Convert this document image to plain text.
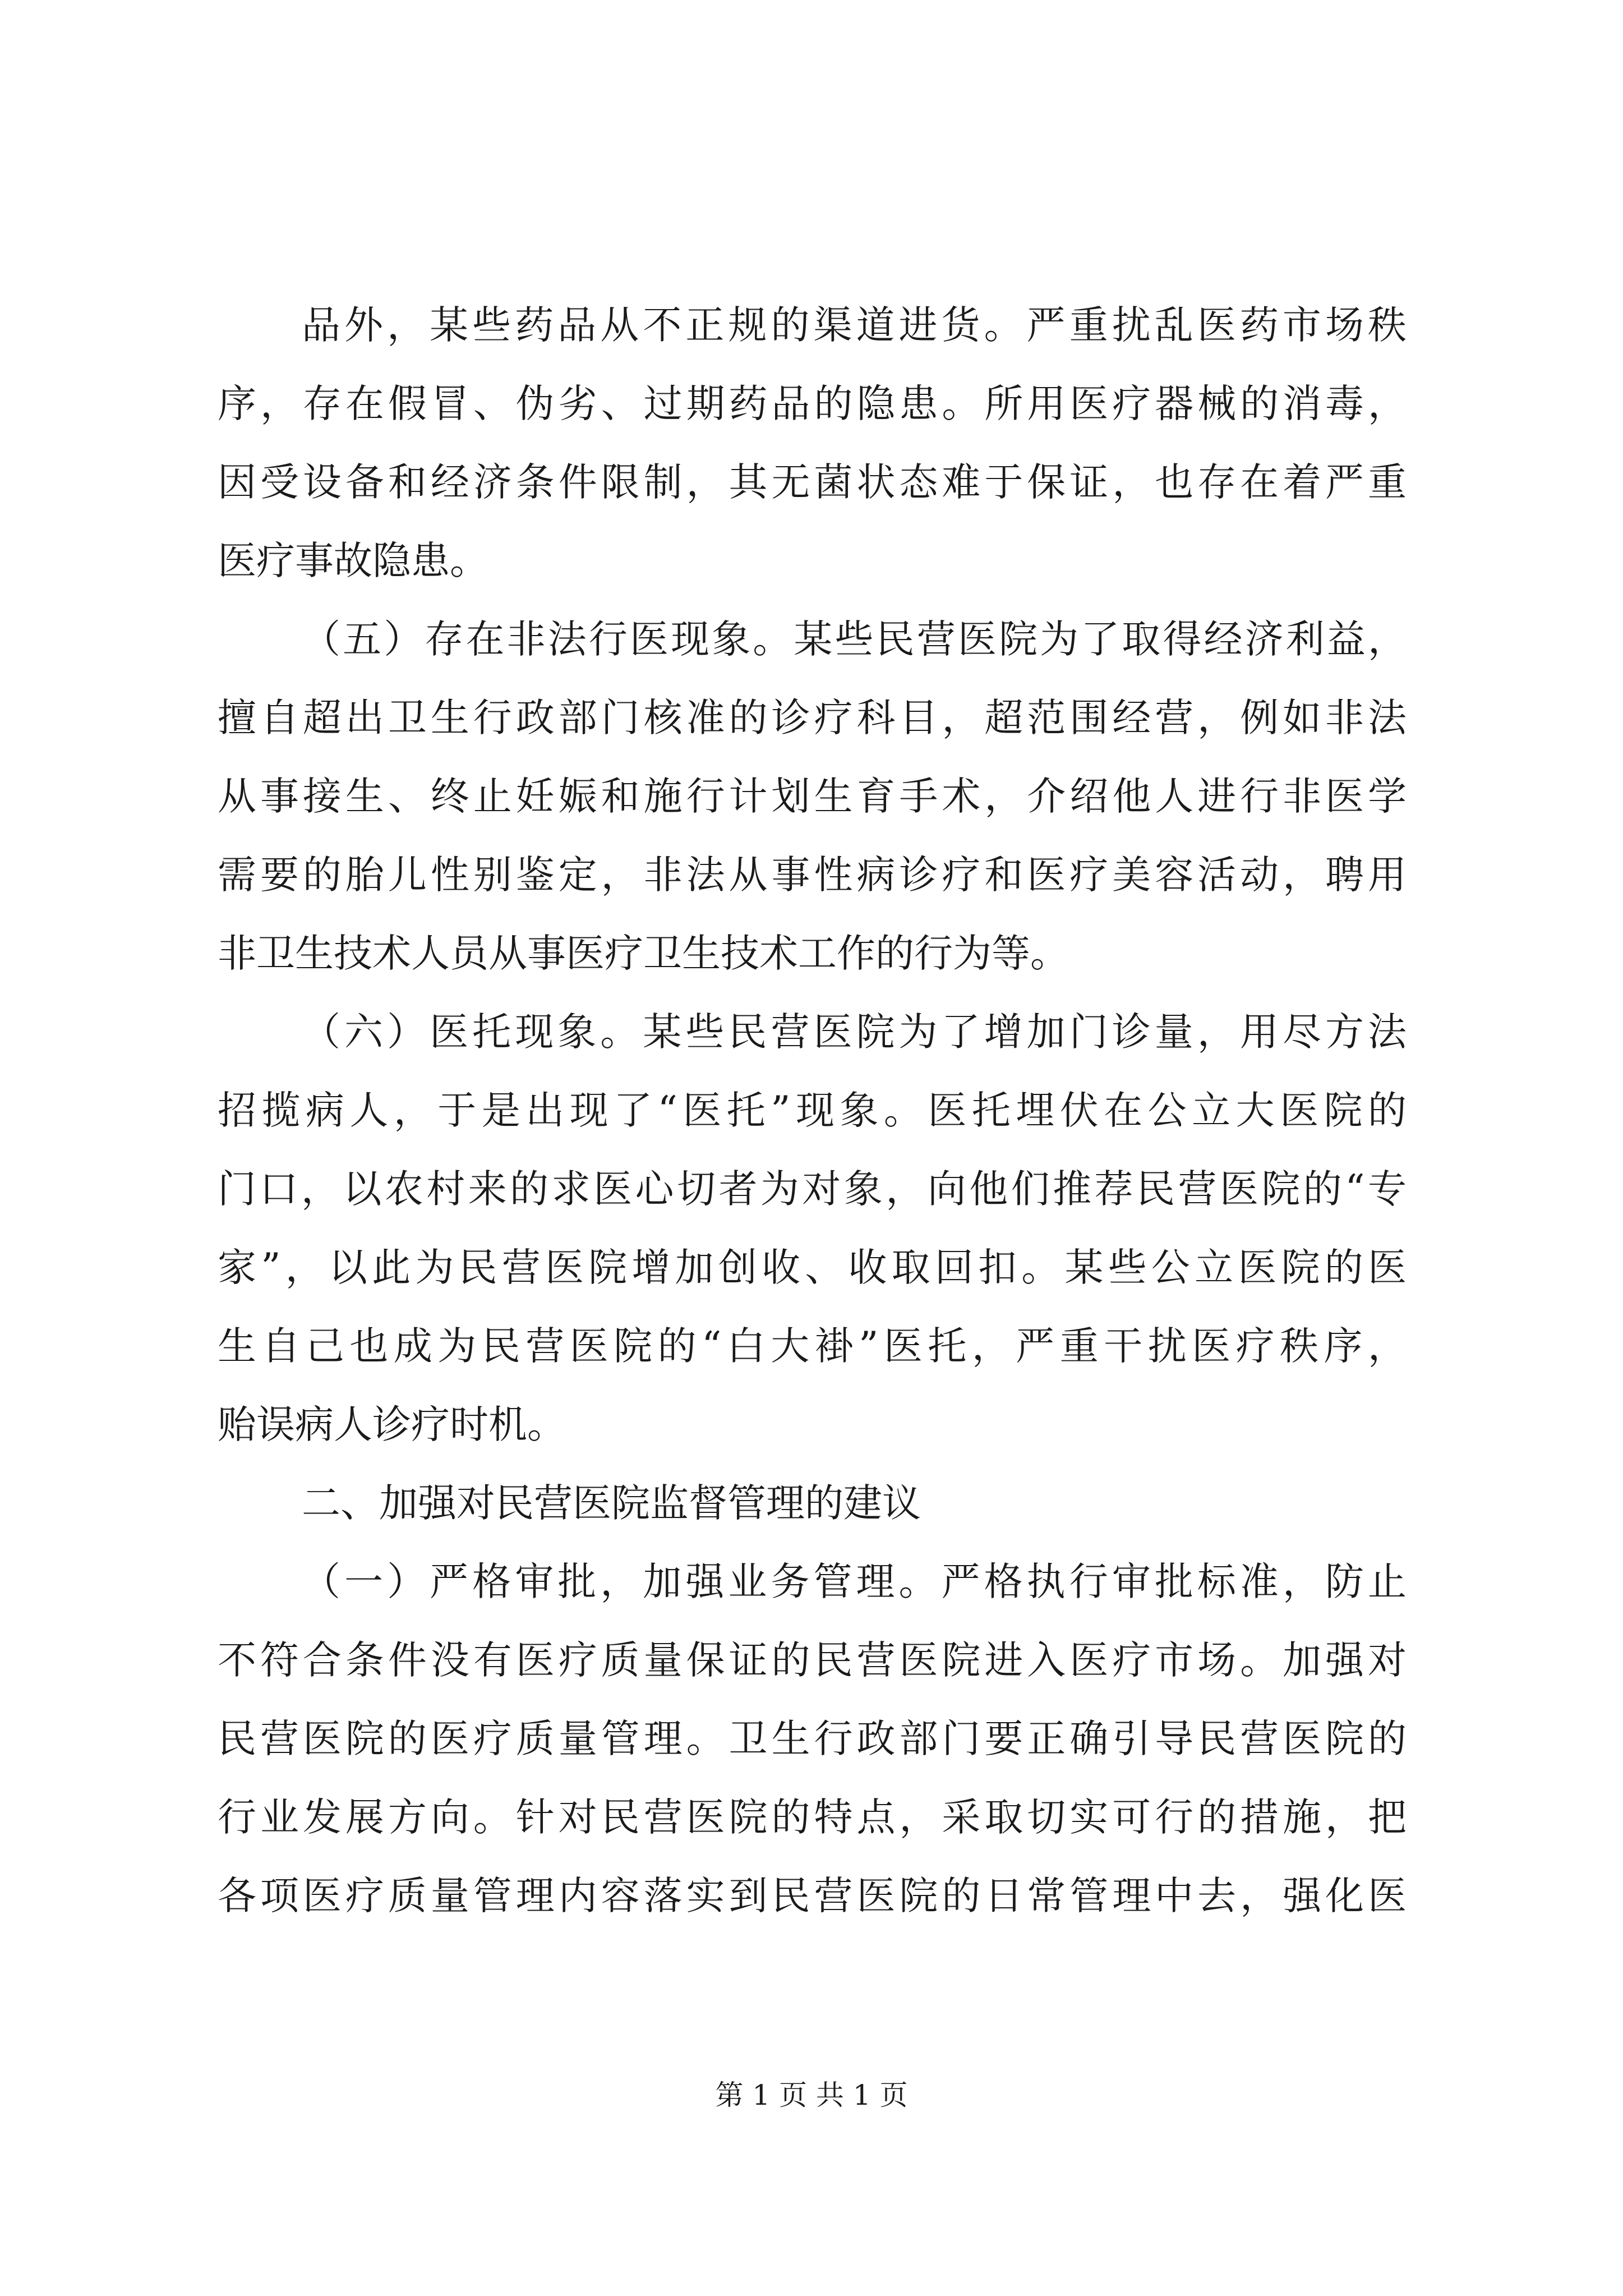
品外，某些药品从不正规的渠道进货。严重扰乱医药市场秩
序，存在假冒、伪劣、过期药品的隐患。所用医疗器械的消毒，
因受设备和经济条件限制，其无菌状态难于保证，也存在着严重
医疗事故隐患。
（五）存在非法行医现象。某些民营医院为了取得经济利益，
擅自超出卫生行政部门核准的诊疗科目，超范围经营，例如非法
从事接生、终止妊娠和施行计划生育手术，介绍他人进行非医学
需要的胎儿性别鉴定，非法从事性病诊疗和医疗美容活动，聘用
非卫生技术人员从事医疗卫生技术工作的行为等。
（六）医托现象。某些民营医院为了增加门诊量，用尽方法
招揽病人，于是出现了“医托”现象。医托埋伏在公立大医院的
门口，以农村来的求医心切者为对象，向他们推荐民营医院的“专
家”，以此为民营医院增加创收、收取回扣。某些公立医院的医
生自己也成为民营医院的“白大褂”医托，严重干扰医疗秩序，
贻误病人诊疗时机。
二、加强对民营医院监督管理的建议
（一）严格审批，加强业务管理。严格执行审批标准，防止
不符合条件没有医疗质量保证的民营医院进入医疗市场。加强对
民营医院的医疗质量管理。卫生行政部门要正确引导民营医院的
行业发展方向。针对民营医院的特点，采取切实可行的措施，把
各项医疗质量管理内容落实到民营医院的日常管理中去，强化医
第 1 页 共 1 页
